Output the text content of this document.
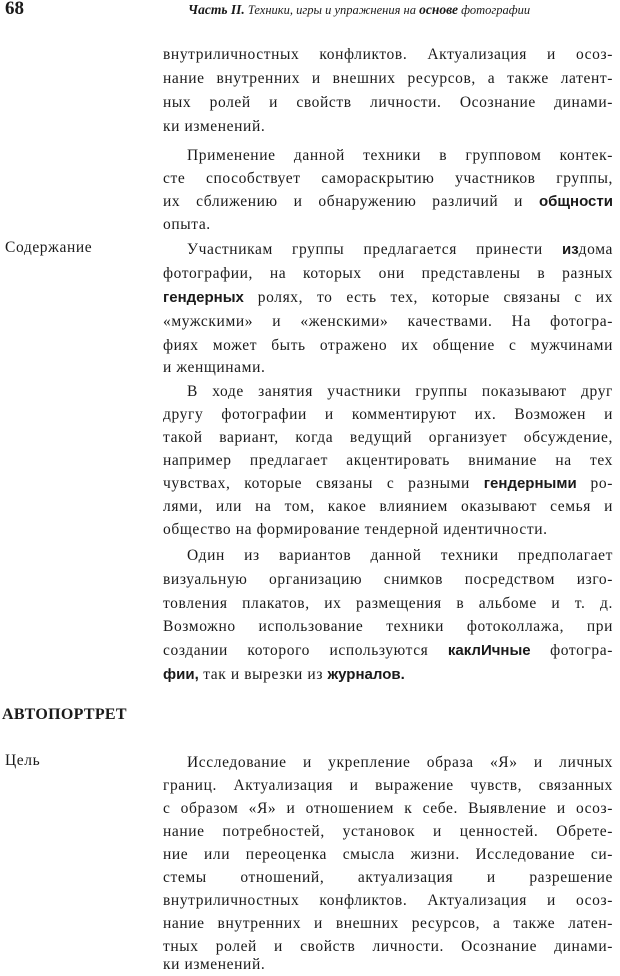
68	Часть II. Техники, игры и упражнения на основе фотографии
внутриличностных конфликтов. Актуализация и осоз-
нание внутренних и внешних ресурсов, а также латент-
ных ролей и свойств личности. Осознание динами-
ки изменений.
Применение данной техники в групповом контек-
сте способствует самораскрытию участников группы,
их сближению и обнаружению различий и общности
опыта.
Содержание	Участникам группы предлагается принести издома
фотографии, на которых они представлены в разных
гендерных ролях, то есть тех, которые связаны с их
«мужскими» и «женскими» качествами. На фотогра-
фиях может быть отражено их общение с мужчинами
и женщинами.
В ходе занятия участники группы показывают друг
другу фотографии и комментируют их. Возможен и
такой вариант, когда ведущий организует обсуждение,
например предлагает акцентировать внимание на тех
чувствах, которые связаны с разными гендерными ро-
лями, или на том, какое влиянием оказывают семья и
общество на формирование тендерной идентичности.
Один из вариантов данной техники предполагает
визуальную организацию снимков посредством изго-
товления плакатов, их размещения в альбоме и т. д.
Возможно использование техники фотоколлажа, при
создании которого используются каклИчные фотогра-
фии, так и вырезки из журналов.
АВТОПОРТРЕТ
Цель	Исследование и укрепление образа «Я» и личных
границ. Актуализация и выражение чувств, связанных
с образом «Я» и отношением к себе. Выявление и осоз-
нание потребностей, установок и ценностей. Обрете-
ние или переоценка смысла жизни. Исследование си-
стемы отношений, актуализация и разрешение
внутриличностных конфликтов. Актуализация и осоз-
нание внутренних и внешних ресурсов, а также латен-
тных ролей и свойств личности. Осознание динами-
ки изменений.
